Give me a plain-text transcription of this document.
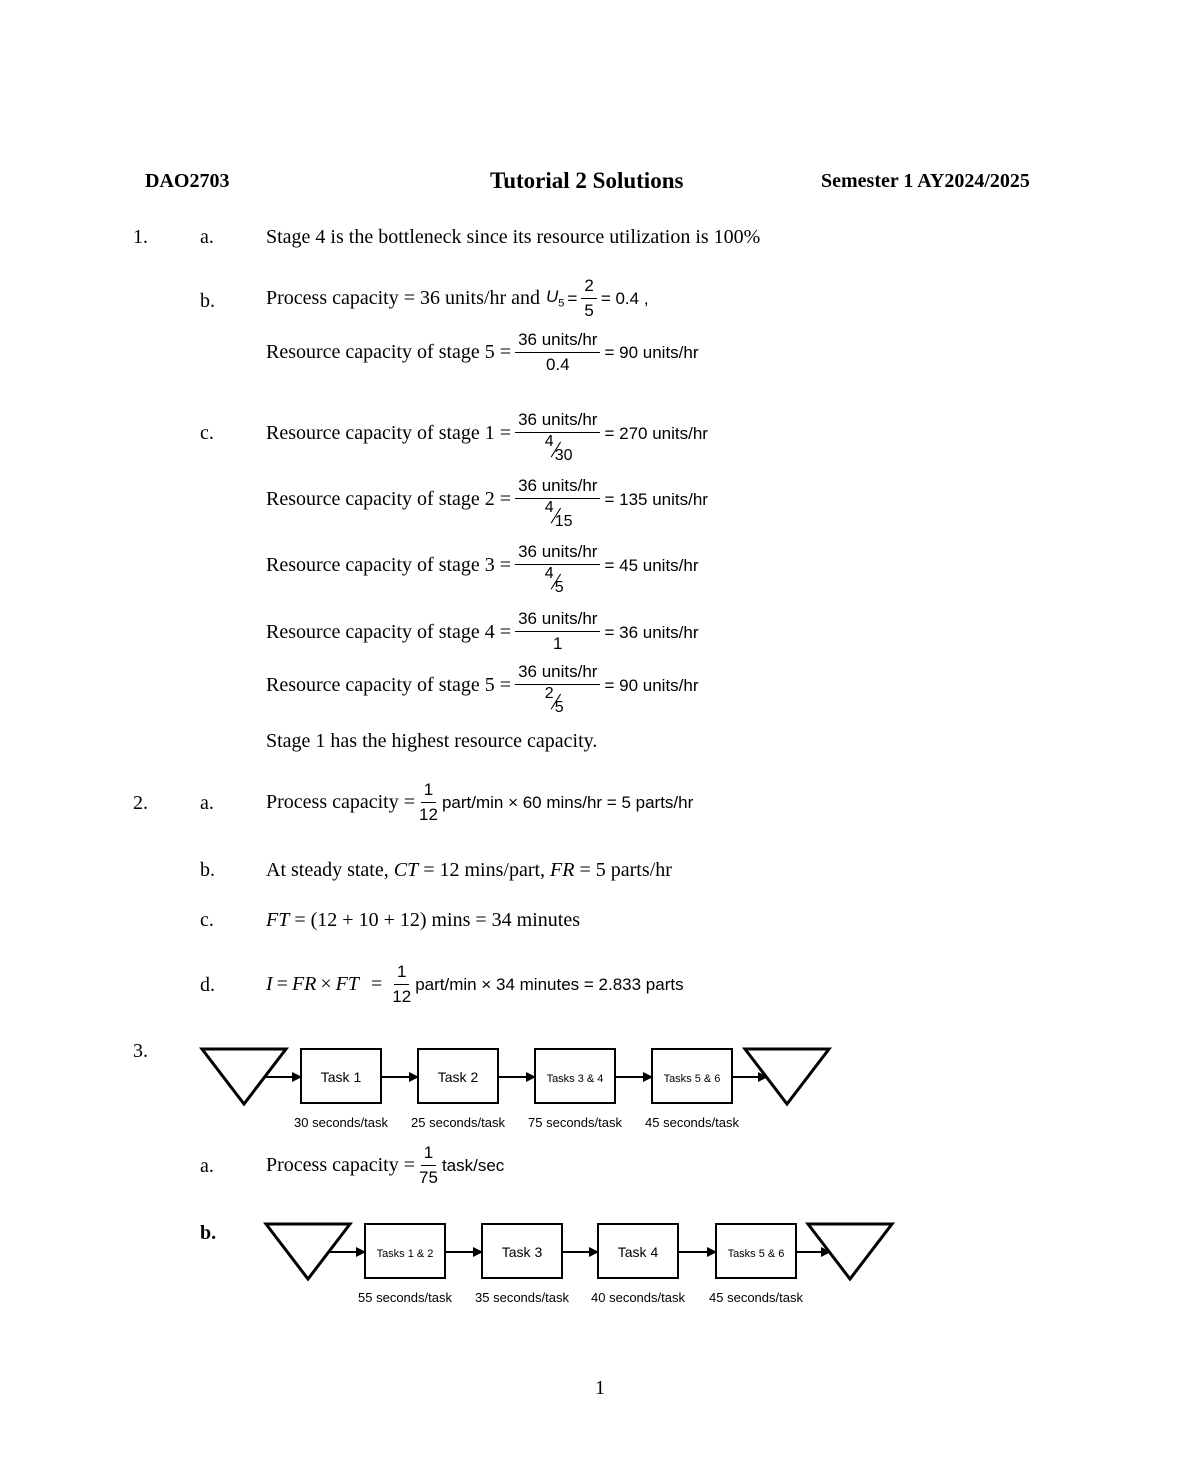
DAO2703	Tutorial 2 Solutions	Semester 1 AY2024/2025
1.	a.	Stage 4 is the bottleneck since its resource utilization is 100%
b.	Process capacity = 36 units/hr and $U_5 = \frac{2}{5} = 0.4$ ,
Resource capacity of stage $5 = \frac{\text{36 units/hr}}{0.4} = 90$ units/hr
c.	Resource capacity of stage 1 = 36 units/hr
4
30 = 270 units/hr
Resource capacity of stage 2 = 36 units/hr
4
15 = 135 units/hr
Resource capacity of stage 3 = 36 units/hr
4
5 = 45 units/hr
Resource capacity of stage $4 = \frac{\text{36 units/hr}}{1} = 36$ units/hr
Resource capacity of stage 5 = 36 units/hr
2
5 = 90 units/hr
Stage 1 has the highest resource capacity.
2.	a.	Process capacity = $\frac{1}{12}$ part/min × 60 mins/hr = 5 parts/hr
b.	At steady state, CT = 12 mins/part, FR = 5 parts/hr
c.	FT = (12 + 10 + 12) mins = 34 minutes
d.	I = FR × FT = $\frac{1}{12}$ part/min × 34 minutes = 2.833 parts
3.
Task 1
30 seconds/task
Task 2
25 seconds/task
Tasks 3 & 4
75 seconds/task
Tasks 5 & 6
45 seconds/task
Tasks 1 & 2
55 seconds/task
Task 3
35 seconds/task
Task 4
40 seconds/task
Tasks 5 & 6
45 seconds/task
a.	Process capacity = $\frac{1}{75}$ task/sec
b.
1
